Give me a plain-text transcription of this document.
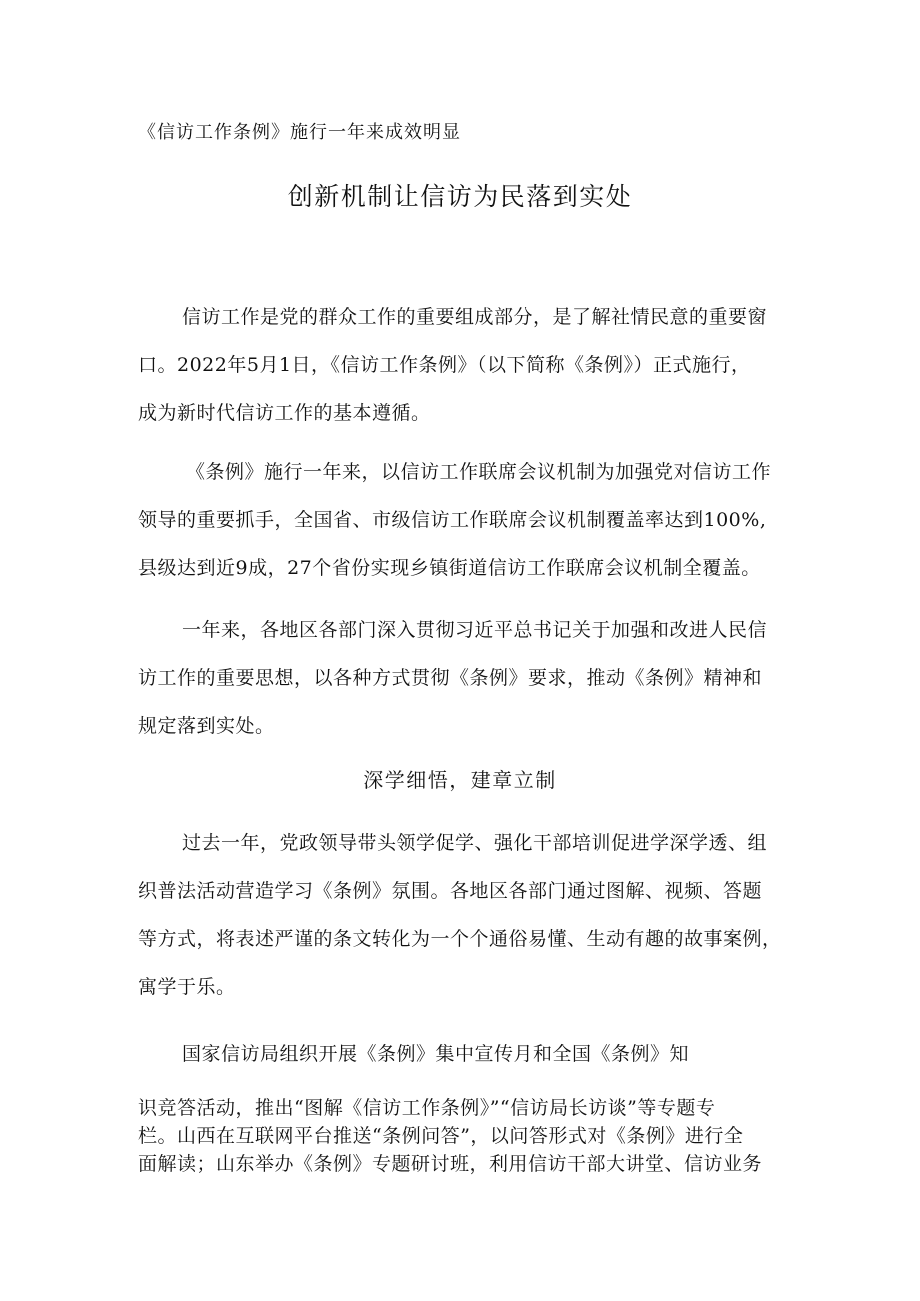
《信访工作条例》施行一年来成效明显
创新机制让信访为民落到实处
信访工作是党的群众工作的重要组成部分，是了解社情民意的重要窗
口。2022年5月1日，《信访工作条例》（以下简称《条例》）正式施行，
成为新时代信访工作的基本遵循。
《条例》施行一年来，以信访工作联席会议机制为加强党对信访工作
领导的重要抓手，全国省、市级信访工作联席会议机制覆盖率达到100%,
县级达到近9成，27个省份实现乡镇街道信访工作联席会议机制全覆盖。
一年来，各地区各部门深入贯彻习近平总书记关于加强和改进人民信
访工作的重要思想，以各种方式贯彻《条例》要求，推动《条例》精神和
规定落到实处。
深学细悟，建章立制
过去一年，党政领导带头领学促学、强化干部培训促进学深学透、组
织普法活动营造学习《条例》氛围。各地区各部门通过图解、视频、答题
等方式，将表述严谨的条文转化为一个个通俗易懂、生动有趣的故事案例，
寓学于乐。
国家信访局组织开展《条例》集中宣传月和全国《条例》知
识竞答活动，推出“图解《信访工作条例》”“信访局长访谈”等专题专
栏。山西在互联网平台推送“条例问答”，以问答形式对《条例》进行全
面解读；山东举办《条例》专题研讨班，利用信访干部大讲堂、信访业务
